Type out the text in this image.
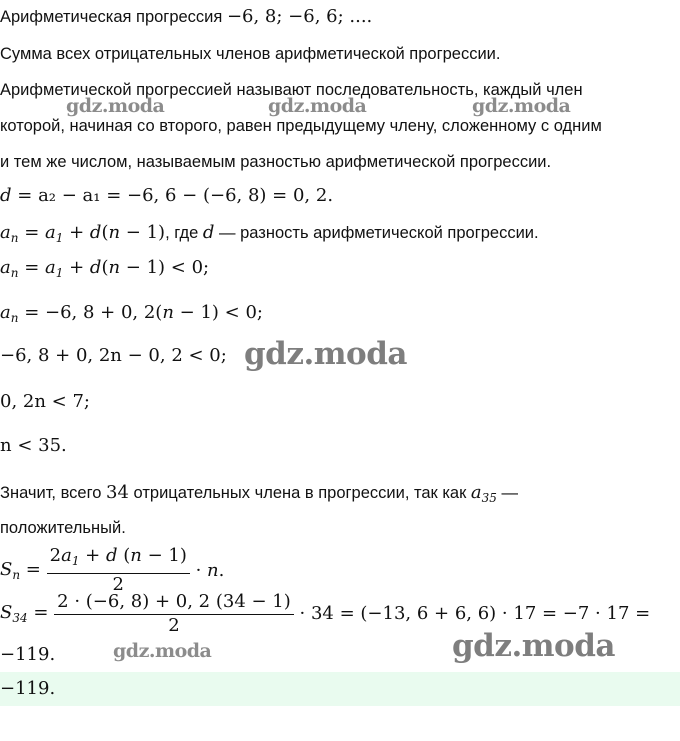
Арифметическая прогрессия −6, 8; −6, 6; ....
Сумма всех отрицательных членов арифметической прогрессии.
Арифметической прогрессией называют последовательность, каждый член
которой, начиная со второго, равен предыдущему члену, сложенному с одним
и тем же числом, называемым разностью арифметической прогрессии.
d = a₂ − a₁ = −6, 6 − (−6, 8) = 0, 2.
$a_n = a_1 + d(n - 1)$, где d — разность арифметической прогрессии.
$a_n = a_1 + d(n - 1) < 0$;
$a_n = -6$, 8 + 0, 2(n − 1) < 0;
−6, 8 + 0, 2n − 0, 2 < 0;
0, 2n < 7;
n < 35.
Значит, всего 34 отрицательных члена в прогрессии, так как $a_{35}$ —
положительный.
$S_n = \frac{2a_1 + d (n - 1)}{2} \cdot n$.
$S_{34} = \frac{2 \cdot (-6, 8) + 0, 2 (34 - 1)}{2} \cdot 34 = (-13$, 6 + 6, 6) · 17 = −7 · 17 =
−119.
−119.
gdz.moda	gdz.moda	gdz.moda
gdz.moda
gdz.moda	gdz.moda
